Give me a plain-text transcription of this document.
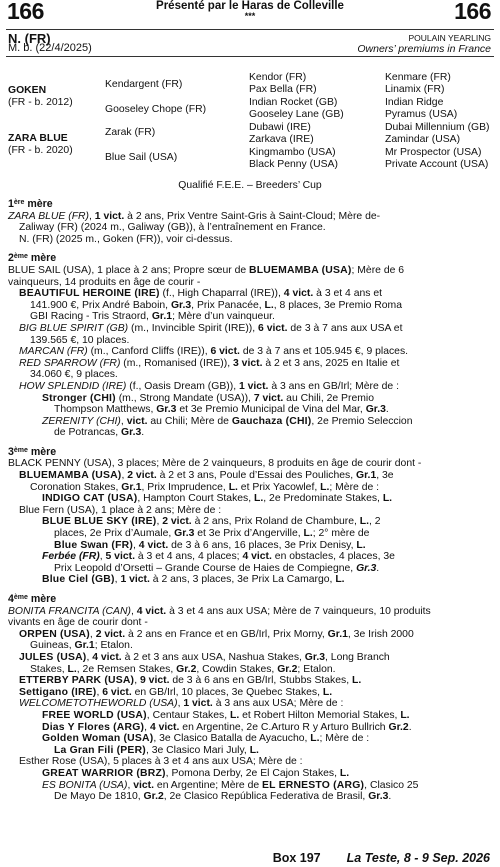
166	Présenté par le Haras de Colleville
***	166
N. (FR)
M. b. (22/4/2025)
POULAIN YEARLING
Owners’ premiums in France
GOKEN
(FR - b. 2012)
ZARA BLUE
(FR - b. 2020)
Kendargent (FR)
Gooseley Chope (FR)
Zarak (FR)
Blue Sail (USA)
Kendor (FR)
Pax Bella (FR)
Indian Rocket (GB)
Gooseley Lane (GB)
Dubawi (IRE)
Zarkava (IRE)
Kingmambo (USA)
Black Penny (USA)
Kenmare (FR)
Linamix (FR)
Indian Ridge
Pyramus (USA)
Dubai Millennium (GB)
Zamindar (USA)
Mr Prospector (USA)
Private Account (USA)
Qualifié F.E.E. – Breeders’ Cup
1ère mère

ZARA BLUE (FR), 1 vict. à 2 ans, Prix Ventre Saint-Gris à Saint-Cloud; Mère de-

Zaliway (FR) (2024 m., Galiway (GB)), à l’entraînement en France.

N. (FR) (2025 m., Goken (FR)), voir ci-dessus.

2ème mère

BLUE SAIL (USA), 1 place à 2 ans; Propre sœur de BLUEMAMBA (USA); Mère de 6

vainqueurs, 14 produits en âge de courir -

BEAUTIFUL HEROINE (IRE) (f., High Chaparral (IRE)), 4 vict. à 3 et 4 ans et

141.900 €, Prix André Baboin, Gr.3, Prix Panacée, L., 8 places, 3e Premio Roma

GBI Racing - Tris Straord, Gr.1; Mère d’un vainqueur.

BIG BLUE SPIRIT (GB) (m., Invincible Spirit (IRE)), 6 vict. de 3 à 7 ans aux USA et

139.565 €, 10 places.

MARCAN (FR) (m., Canford Cliffs (IRE)), 6 vict. de 3 à 7 ans et 105.945 €, 9 places.

RED SPARROW (FR) (m., Romanised (IRE)), 3 vict. à 2 et 3 ans, 2025 en Italie et

34.060 €, 9 places.

HOW SPLENDID (IRE) (f., Oasis Dream (GB)), 1 vict. à 3 ans en GB/Irl; Mère de :

Stronger (CHI) (m., Strong Mandate (USA)), 7 vict. au Chili, 2e Premio

Thompson Matthews, Gr.3 et 3e Premio Municipal de Vina del Mar, Gr.3.

ZERENITY (CHI), vict. au Chili; Mère de Gauchaza (CHI), 2e Premio Seleccion

de Potrancas, Gr.3.

3ème mère

BLACK PENNY (USA), 3 places; Mère de 2 vainqueurs, 8 produits en âge de courir dont -

BLUEMAMBA (USA), 2 vict. à 2 et 3 ans, Poule d’Essai des Pouliches, Gr.1, 3e

Coronation Stakes, Gr.1, Prix Imprudence, L. et Prix Yacowlef, L.; Mère de :

INDIGO CAT (USA), Hampton Court Stakes, L., 2e Predominate Stakes, L.

Blue Fern (USA), 1 place à 2 ans; Mère de :

BLUE BLUE SKY (IRE), 2 vict. à 2 ans, Prix Roland de Chambure, L., 2

places, 2e Prix d’Aumale, Gr.3 et 3e Prix d’Angerville, L.; 2° mère de

Blue Swan (FR), 4 vict. de 3 à 6 ans, 16 places, 3e Prix Denisy, L.

Ferbée (FR), 5 vict. à 3 et 4 ans, 4 places; 4 vict. en obstacles, 4 places, 3e

Prix Leopold d’Orsetti – Grande Course de Haies de Compiegne, Gr.3.

Blue Ciel (GB), 1 vict. à 2 ans, 3 places, 3e Prix La Camargo, L.

4ème mère

BONITA FRANCITA (CAN), 4 vict. à 3 et 4 ans aux USA; Mère de 7 vainqueurs, 10 produits

vivants en âge de courir dont -

ORPEN (USA), 2 vict. à 2 ans en France et en GB/Irl, Prix Morny, Gr.1, 3e Irish 2000

Guineas, Gr.1; Etalon.

JULES (USA), 4 vict. à 2 et 3 ans aux USA, Nashua Stakes, Gr.3, Long Branch

Stakes, L., 2e Remsen Stakes, Gr.2, Cowdin Stakes, Gr.2; Etalon.

ETTERBY PARK (USA), 9 vict. de 3 à 6 ans en GB/Irl, Stubbs Stakes, L.

Settigano (IRE), 6 vict. en GB/Irl, 10 places, 3e Quebec Stakes, L.

WELCOMETOTHEWORLD (USA), 1 vict. à 3 ans aux USA; Mère de :

FREE WORLD (USA), Centaur Stakes, L. et Robert Hilton Memorial Stakes, L.

Dias Y Flores (ARG), 4 vict. en Argentine, 2e C.Arturo R y Arturo Bullrich Gr.2.

Golden Woman (USA), 3e Clasico Batalla de Ayacucho, L.; Mère de :

La Gran Fili (PER), 3e Clasico Mari July, L.

Esther Rose (USA), 5 places à 3 et 4 ans aux USA; Mère de :

GREAT WARRIOR (BRZ), Pomona Derby, 2e El Cajon Stakes, L.

ES BONITA (USA), vict. en Argentine; Mère de EL ERNESTO (ARG), Clasico 25

De Mayo De 1810, Gr.2, 2e Clasico República Federativa de Brasil, Gr.3.

Box 197 La Teste, 8 - 9 Sep. 2026
